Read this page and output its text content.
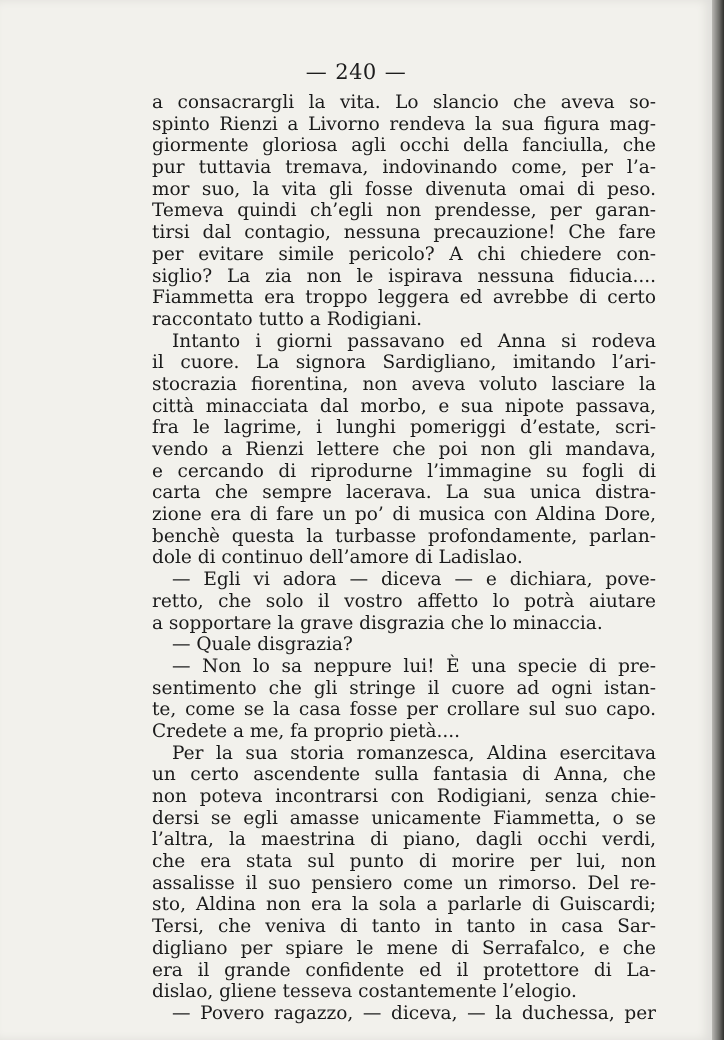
— 240 —
a consacrargli la vita. Lo slancio che aveva so-
spinto Rienzi a Livorno rendeva la sua figura mag-
giormente gloriosa agli occhi della fanciulla, che
pur tuttavia tremava, indovinando come, per l’a-
mor suo, la vita gli fosse divenuta omai di peso.
Temeva quindi ch’egli non prendesse, per garan-
tirsi dal contagio, nessuna precauzione! Che fare
per evitare simile pericolo? A chi chiedere con-
siglio? La zia non le ispirava nessuna fiducia....
Fiammetta era troppo leggera ed avrebbe di certo
raccontato tutto a Rodigiani.
Intanto i giorni passavano ed Anna si rodeva
il cuore. La signora Sardigliano, imitando l’ari-
stocrazia fiorentina, non aveva voluto lasciare la
città minacciata dal morbo, e sua nipote passava,
fra le lagrime, i lunghi pomeriggi d’estate, scri-
vendo a Rienzi lettere che poi non gli mandava,
e cercando di riprodurne l’immagine su fogli di
carta che sempre lacerava. La sua unica distra-
zione era di fare un po’ di musica con Aldina Dore,
benchè questa la turbasse profondamente, parlan-
dole di continuo dell’amore di Ladislao.
— Egli vi adora — diceva — e dichiara, pove-
retto, che solo il vostro affetto lo potrà aiutare
a sopportare la grave disgrazia che lo minaccia.
— Quale disgrazia?
— Non lo sa neppure lui! È una specie di pre-
sentimento che gli stringe il cuore ad ogni istan-
te, come se la casa fosse per crollare sul suo capo.
Credete a me, fa proprio pietà....
Per la sua storia romanzesca, Aldina esercitava
un certo ascendente sulla fantasia di Anna, che
non poteva incontrarsi con Rodigiani, senza chie-
dersi se egli amasse unicamente Fiammetta, o se
l’altra, la maestrina di piano, dagli occhi verdi,
che era stata sul punto di morire per lui, non
assalisse il suo pensiero come un rimorso. Del re-
sto, Aldina non era la sola a parlarle di Guiscardi;
Tersi, che veniva di tanto in tanto in casa Sar-
digliano per spiare le mene di Serrafalco, e che
era il grande confidente ed il protettore di La-
dislao, gliene tesseva costantemente l’elogio.
— Povero ragazzo, — diceva, — la duchessa, per
